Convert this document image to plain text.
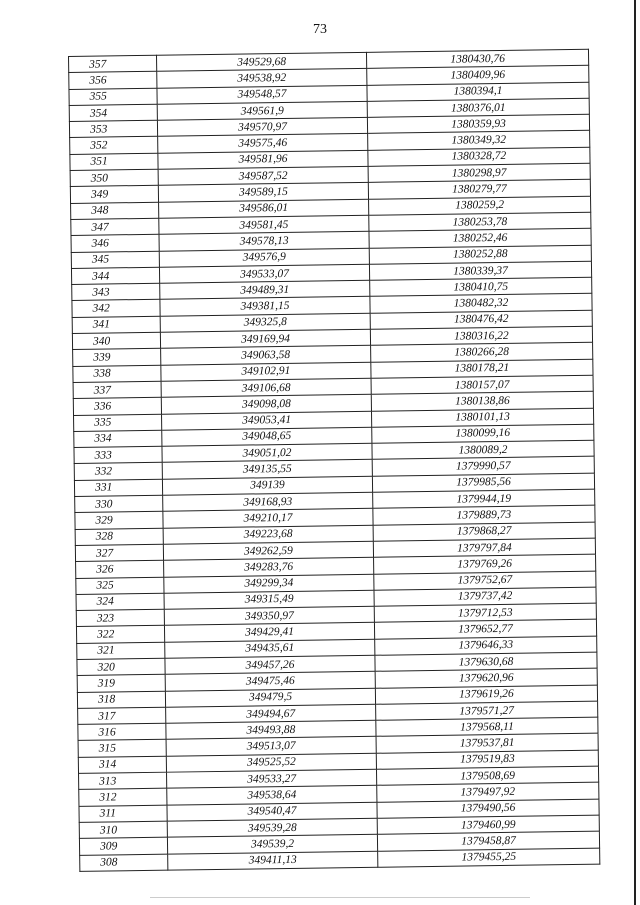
73
357	349529,68	1380430,76
356	349538,92	1380409,96
355	349548,57	1380394,1
354	349561,9	1380376,01
353	349570,97	1380359,93
352	349575,46	1380349,32
351	349581,96	1380328,72
350	349587,52	1380298,97
349	349589,15	1380279,77
348	349586,01	1380259,2
347	349581,45	1380253,78
346	349578,13	1380252,46
345	349576,9	1380252,88
344	349533,07	1380339,37
343	349489,31	1380410,75
342	349381,15	1380482,32
341	349325,8	1380476,42
340	349169,94	1380316,22
339	349063,58	1380266,28
338	349102,91	1380178,21
337	349106,68	1380157,07
336	349098,08	1380138,86
335	349053,41	1380101,13
334	349048,65	1380099,16
333	349051,02	1380089,2
332	349135,55	1379990,57
331	349139	1379985,56
330	349168,93	1379944,19
329	349210,17	1379889,73
328	349223,68	1379868,27
327	349262,59	1379797,84
326	349283,76	1379769,26
325	349299,34	1379752,67
324	349315,49	1379737,42
323	349350,97	1379712,53
322	349429,41	1379652,77
321	349435,61	1379646,33
320	349457,26	1379630,68
319	349475,46	1379620,96
318	349479,5	1379619,26
317	349494,67	1379571,27
316	349493,88	1379568,11
315	349513,07	1379537,81
314	349525,52	1379519,83
313	349533,27	1379508,69
312	349538,64	1379497,92
311	349540,47	1379490,56
310	349539,28	1379460,99
309	349539,2	1379458,87
308	349411,13	1379455,25
